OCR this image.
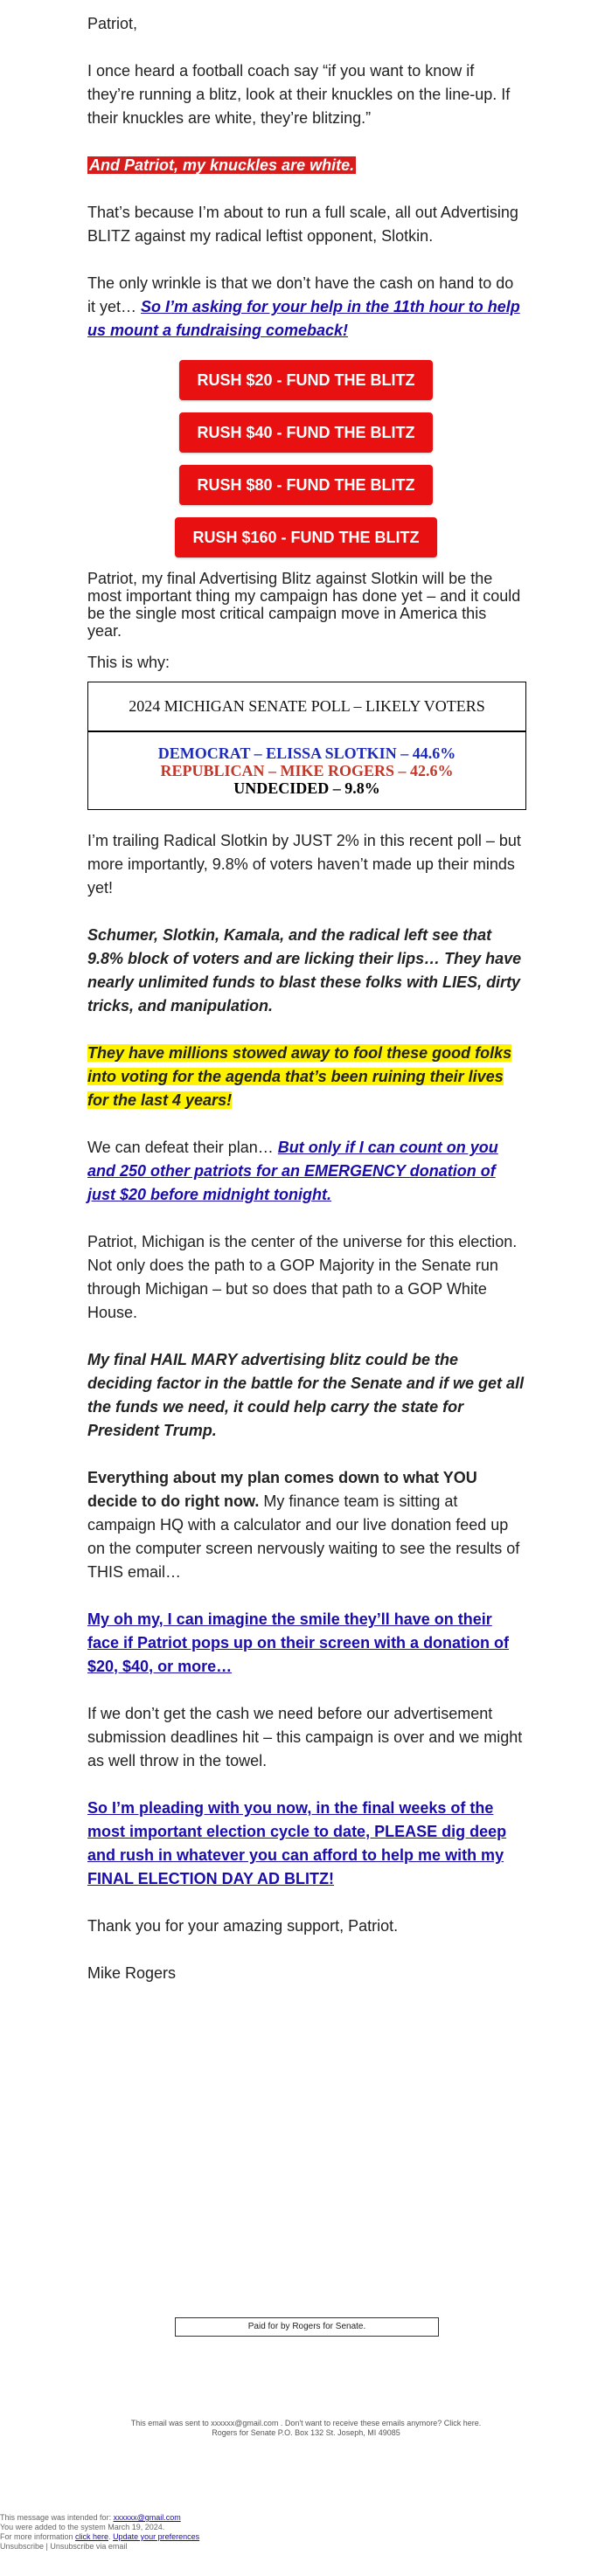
Patriot,

I once heard a football coach say “if you want to know if they’re running a blitz, look at their knuckles on the line-up. If their knuckles are white, they’re blitzing.”

And Patriot, my knuckles are white.

That’s because I’m about to run a full scale, all out Advertising BLITZ against my radical leftist opponent, Slotkin.

The only wrinkle is that we don’t have the cash on hand to do it yet… So I’m asking for your help in the 11th hour to help us mount a fundraising comeback!

RUSH $20 - FUND THE BLITZ
RUSH $40 - FUND THE BLITZ
RUSH $80 - FUND THE BLITZ
RUSH $160 - FUND THE BLITZ

Patriot, my final Advertising Blitz against Slotkin will be the most important thing my campaign has done yet – and it could be the single most critical campaign move in America this year.

This is why:

2024 MICHIGAN SENATE POLL – LIKELY VOTERS
DEMOCRAT – ELISSA SLOTKIN – 44.6%
REPUBLICAN – MIKE ROGERS – 42.6%
UNDECIDED – 9.8%

I’m trailing Radical Slotkin by JUST 2% in this recent poll – but more importantly, 9.8% of voters haven’t made up their minds yet!

Schumer, Slotkin, Kamala, and the radical left see that 9.8% block of voters and are licking their lips… They have nearly unlimited funds to blast these folks with LIES, dirty tricks, and manipulation.

They have millions stowed away to fool these good folks into voting for the agenda that’s been ruining their lives for the last 4 years!

We can defeat their plan… But only if I can count on you and 250 other patriots for an EMERGENCY donation of just $20 before midnight tonight.

Patriot, Michigan is the center of the universe for this election. Not only does the path to a GOP Majority in the Senate run through Michigan – but so does that path to a GOP White House.

My final HAIL MARY advertising blitz could be the deciding factor in the battle for the Senate and if we get all the funds we need, it could help carry the state for President Trump.

Everything about my plan comes down to what YOU decide to do right now. My finance team is sitting at campaign HQ with a calculator and our live donation feed up on the computer screen nervously waiting to see the results of THIS email…

My oh my, I can imagine the smile they’ll have on their face if Patriot pops up on their screen with a donation of $20, $40, or more…

If we don’t get the cash we need before our advertisement submission deadlines hit – this campaign is over and we might as well throw in the towel.

So I’m pleading with you now, in the final weeks of the most important election cycle to date, PLEASE dig deep and rush in whatever you can afford to help me with my FINAL ELECTION DAY AD BLITZ!

Thank you for your amazing support, Patriot.

Mike Rogers

Paid for by Rogers for Senate.
This email was sent to xxxxxx@gmail.com . Don't want to receive these emails anymore? Click here.
Rogers for Senate P.O. Box 132 St. Joseph, MI 49085
This message was intended for: xxxxxx@gmail.com
You were added to the system March 19, 2024.
For more information click here. Update your preferences
Unsubscribe | Unsubscribe via email
